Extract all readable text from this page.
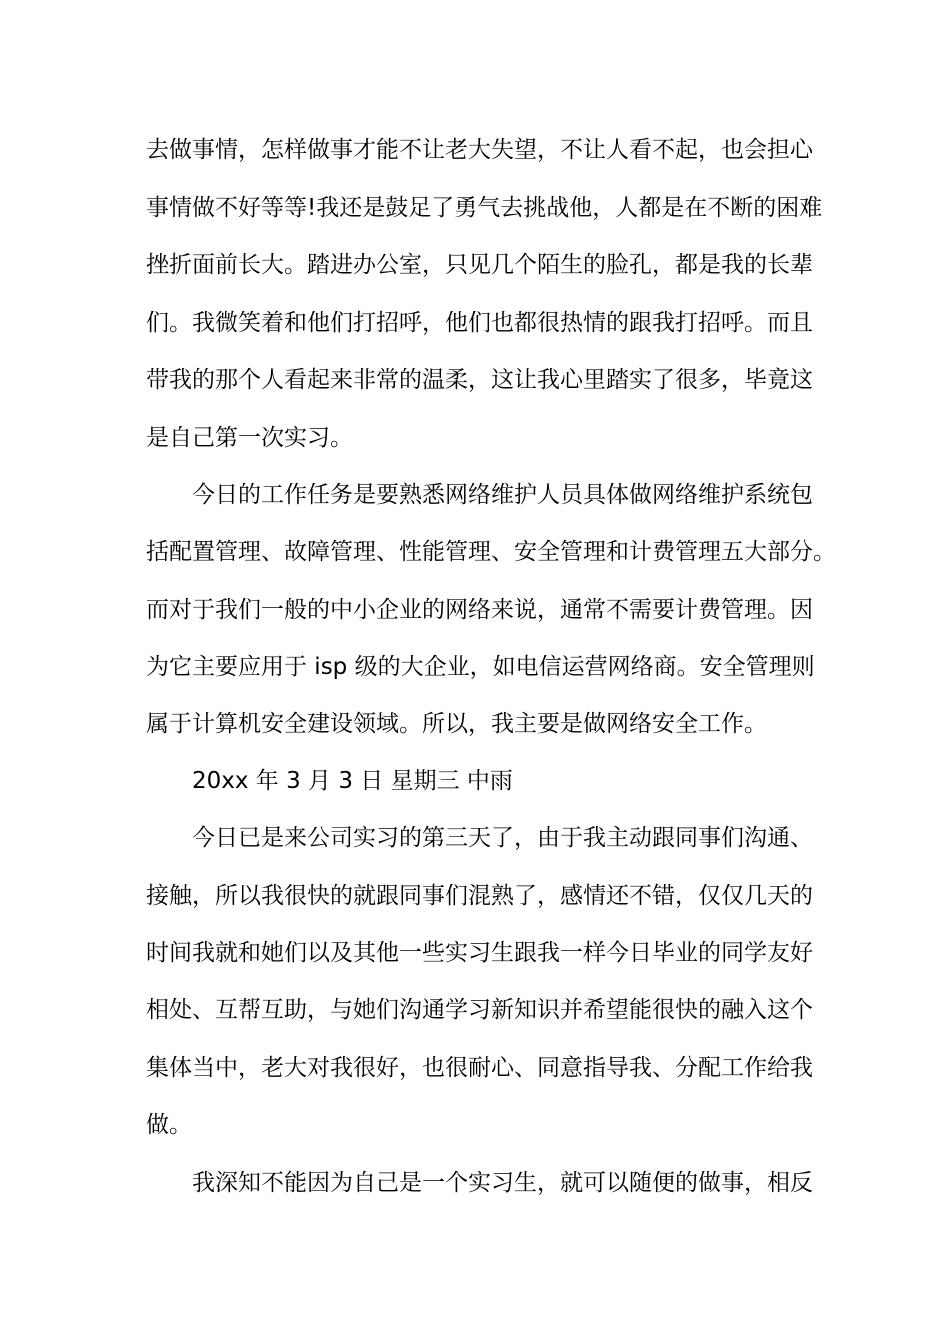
去做事情，怎样做事才能不让老大失望，不让人看不起，也会担心
事情做不好等等!我还是鼓足了勇气去挑战他，人都是在不断的困难
挫折面前长大。踏进办公室，只见几个陌生的脸孔，都是我的长辈
们。我微笑着和他们打招呼，他们也都很热情的跟我打招呼。而且
带我的那个人看起来非常的温柔，这让我心里踏实了很多，毕竟这
是自己第一次实习。
今日的工作任务是要熟悉网络维护人员具体做网络维护系统包
括配置管理、故障管理、性能管理、安全管理和计费管理五大部分。
而对于我们一般的中小企业的网络来说，通常不需要计费管理。因
为它主要应用于 isp 级的大企业，如电信运营网络商。安全管理则
属于计算机安全建设领域。所以，我主要是做网络安全工作。
20xx 年 3 月 3 日 星期三 中雨
今日已是来公司实习的第三天了，由于我主动跟同事们沟通、
接触，所以我很快的就跟同事们混熟了，感情还不错，仅仅几天的
时间我就和她们以及其他一些实习生跟我一样今日毕业的同学友好
相处、互帮互助，与她们沟通学习新知识并希望能很快的融入这个
集体当中，老大对我很好，也很耐心、同意指导我、分配工作给我
做。
我深知不能因为自己是一个实习生，就可以随便的做事，相反
